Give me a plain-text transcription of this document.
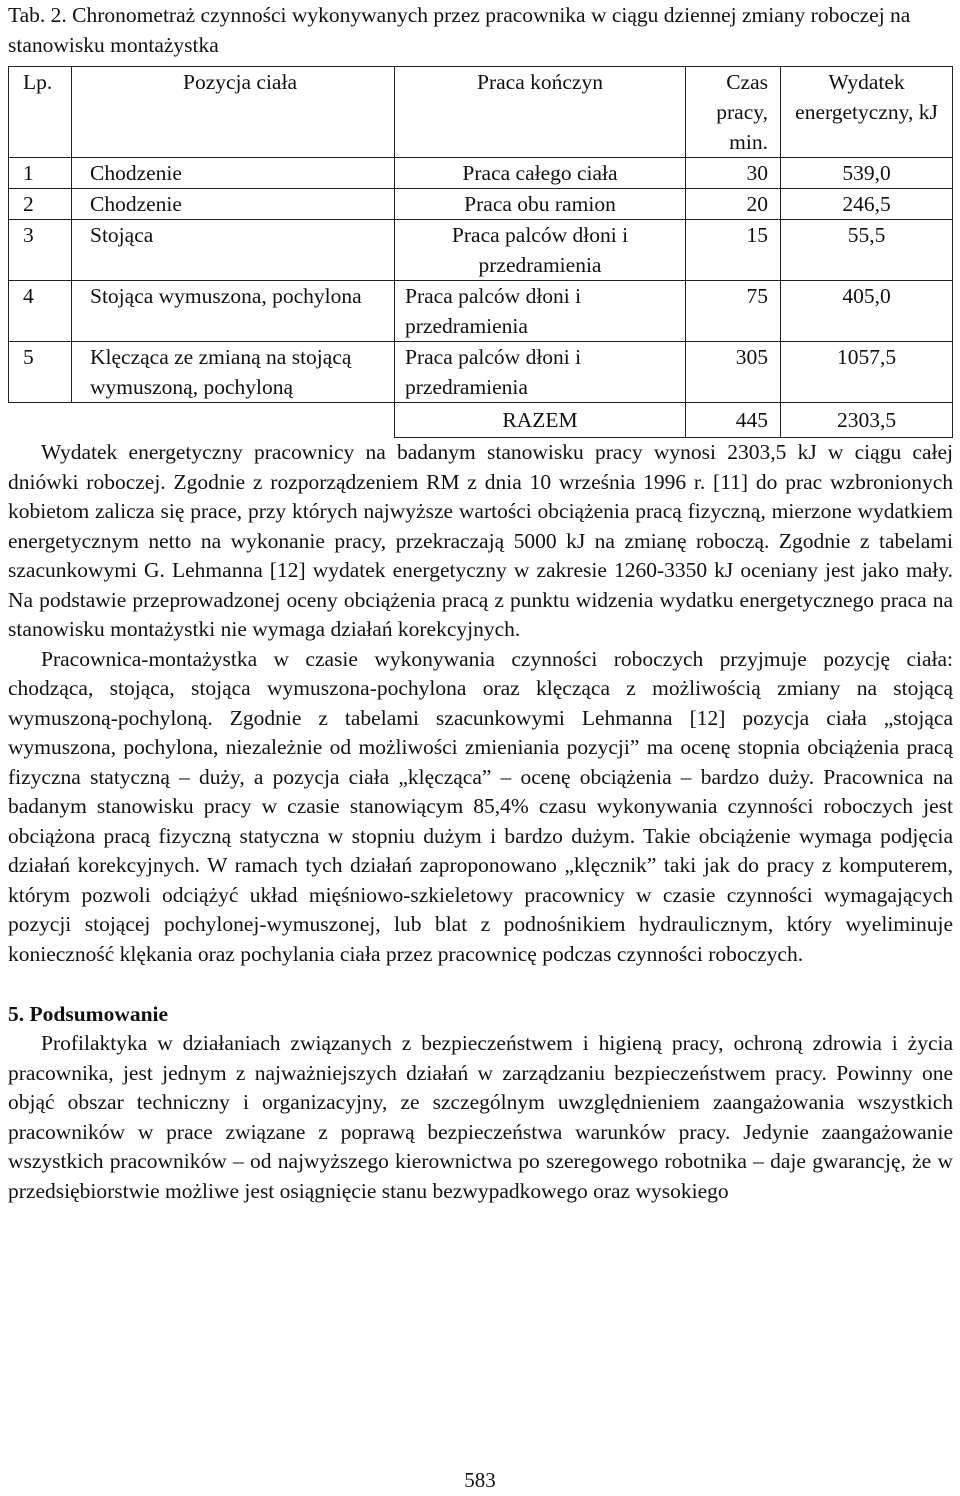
Tab. 2. Chronometraż czynności wykonywanych przez pracownika w ciągu dziennej zmiany roboczej na stanowisku montażystka

Lp.	Pozycja ciała	Praca kończyn	Czas pracy, min.	Wydatek energetyczny, kJ
1	Chodzenie	Praca całego ciała	30	539,0
2	Chodzenie	Praca obu ramion	20	246,5
3	Stojąca	Praca palców dłoni i przedramienia	15	55,5
4	Stojąca wymuszona, pochylona	Praca palców dłoni i przedramienia	75	405,0
5	Klęcząca ze zmianą na stojącą wymuszoną, pochyloną	Praca palców dłoni i przedramienia	305	1057,5
		RAZEM	445	2303,5

Wydatek energetyczny pracownicy na badanym stanowisku pracy wynosi 2303,5 kJ w ciągu całej dniówki roboczej. Zgodnie z rozporządzeniem RM z dnia 10 września 1996 r. [11] do prac wzbronionych kobietom zalicza się prace, przy których najwyższe wartości obciążenia pracą fizyczną, mierzone wydatkiem energetycznym netto na wykonanie pracy, przekraczają 5000 kJ na zmianę roboczą. Zgodnie z tabelami szacunkowymi G. Lehmanna [12] wydatek energetyczny w zakresie 1260-3350 kJ oceniany jest jako mały. Na podstawie przeprowadzonej oceny obciążenia pracą z punktu widzenia wydatku energetycznego praca na stanowisku montażystki nie wymaga działań korekcyjnych.

Pracownica-montażystka w czasie wykonywania czynności roboczych przyjmuje pozycję ciała: chodząca, stojąca, stojąca wymuszona-pochylona oraz klęcząca z możliwością zmiany na stojącą wymuszoną-pochyloną. Zgodnie z tabelami szacunkowymi Lehmanna [12] pozycja ciała „stojąca wymuszona, pochylona, niezależnie od możliwości zmieniania pozycji” ma ocenę stopnia obciążenia pracą fizyczna statyczną – duży, a pozycja ciała „klęcząca” – ocenę obciążenia – bardzo duży. Pracownica na badanym stanowisku pracy w czasie stanowiącym 85,4% czasu wykonywania czynności roboczych jest obciążona pracą fizyczną statyczna w stopniu dużym i bardzo dużym. Takie obciążenie wymaga podjęcia działań korekcyjnych. W ramach tych działań zaproponowano „klęcznik” taki jak do pracy z komputerem, którym pozwoli odciążyć układ mięśniowo-szkieletowy pracownicy w czasie czynności wymagających pozycji stojącej pochylonej-wymuszonej, lub blat z podnośnikiem hydraulicznym, który wyeliminuje konieczność klękania oraz pochylania ciała przez pracownicę podczas czynności roboczych.

5. Podsumowanie

Profilaktyka w działaniach związanych z bezpieczeństwem i higieną pracy, ochroną zdrowia i życia pracownika, jest jednym z najważniejszych działań w zarządzaniu bezpieczeństwem pracy. Powinny one objąć obszar techniczny i organizacyjny, ze szczególnym uwzględnieniem zaangażowania wszystkich pracowników w prace związane z poprawą bezpieczeństwa warunków pracy. Jedynie zaangażowanie wszystkich pracowników – od najwyższego kierownictwa po szeregowego robotnika – daje gwarancję, że w przedsiębiorstwie możliwe jest osiągnięcie stanu bezwypadkowego oraz wysokiego

583
